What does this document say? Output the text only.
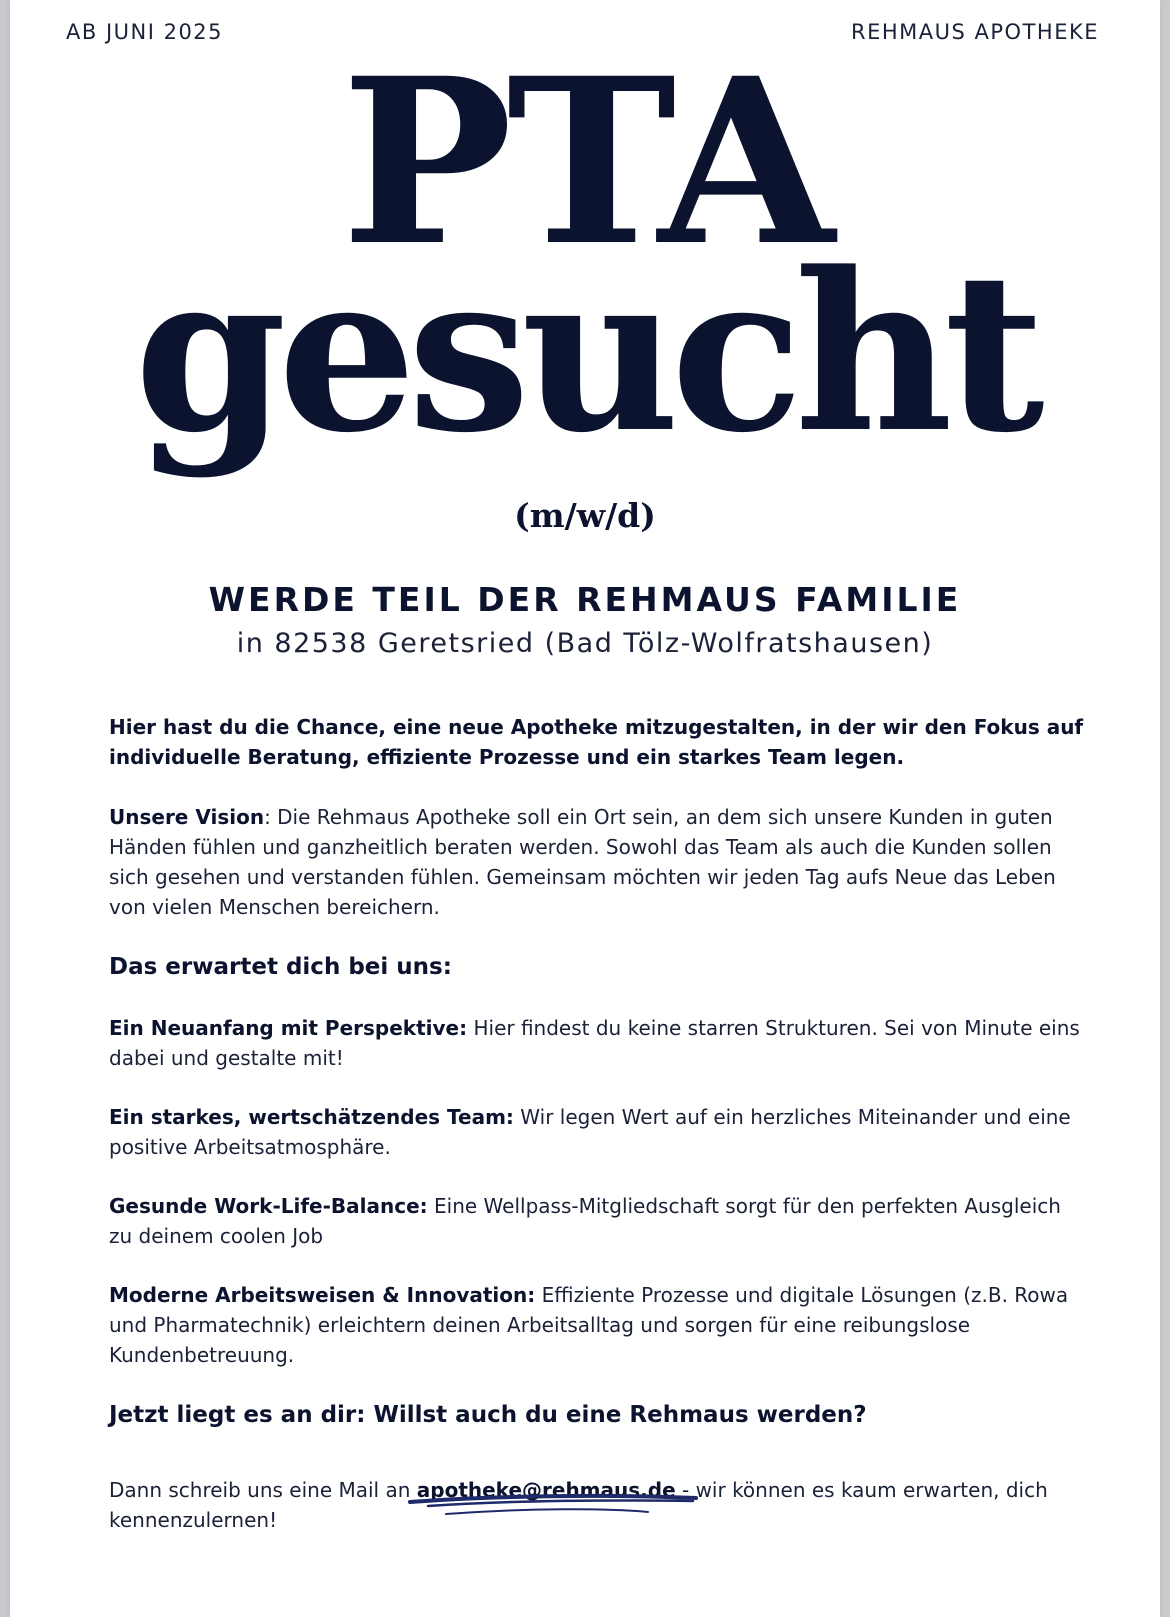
AB JUNI 2025	REHMAUS APOTHEKE
PTA
gesucht
(m/w/d)
WERDE TEIL DER REHMAUS FAMILIE
in 82538 Geretsried (Bad Tölz-Wolfratshausen)
Hier hast du die Chance, eine neue Apotheke mitzugestalten, in der wir den Fokus auf individuelle Beratung, effiziente Prozesse und ein starkes Team legen.
Unsere Vision: Die Rehmaus Apotheke soll ein Ort sein, an dem sich unsere Kunden in guten Händen fühlen und ganzheitlich beraten werden. Sowohl das Team als auch die Kunden sollen sich gesehen und verstanden fühlen. Gemeinsam möchten wir jeden Tag aufs Neue das Leben von vielen Menschen bereichern.
Das erwartet dich bei uns:
Ein Neuanfang mit Perspektive: Hier findest du keine starren Strukturen. Sei von Minute eins dabei und gestalte mit!
Ein starkes, wertschätzendes Team: Wir legen Wert auf ein herzliches Miteinander und eine positive Arbeitsatmosphäre.
Gesunde Work-Life-Balance: Eine Wellpass-Mitgliedschaft sorgt für den perfekten Ausgleich zu deinem coolen Job
Moderne Arbeitsweisen & Innovation: Effiziente Prozesse und digitale Lösungen (z.B. Rowa und Pharmatechnik) erleichtern deinen Arbeitsalltag und sorgen für eine reibungslose Kundenbetreuung.
Jetzt liegt es an dir: Willst auch du eine Rehmaus werden?
Dann schreib uns eine Mail an apotheke@rehmaus.de - wir können es kaum erwarten, dich kennenzulernen!
